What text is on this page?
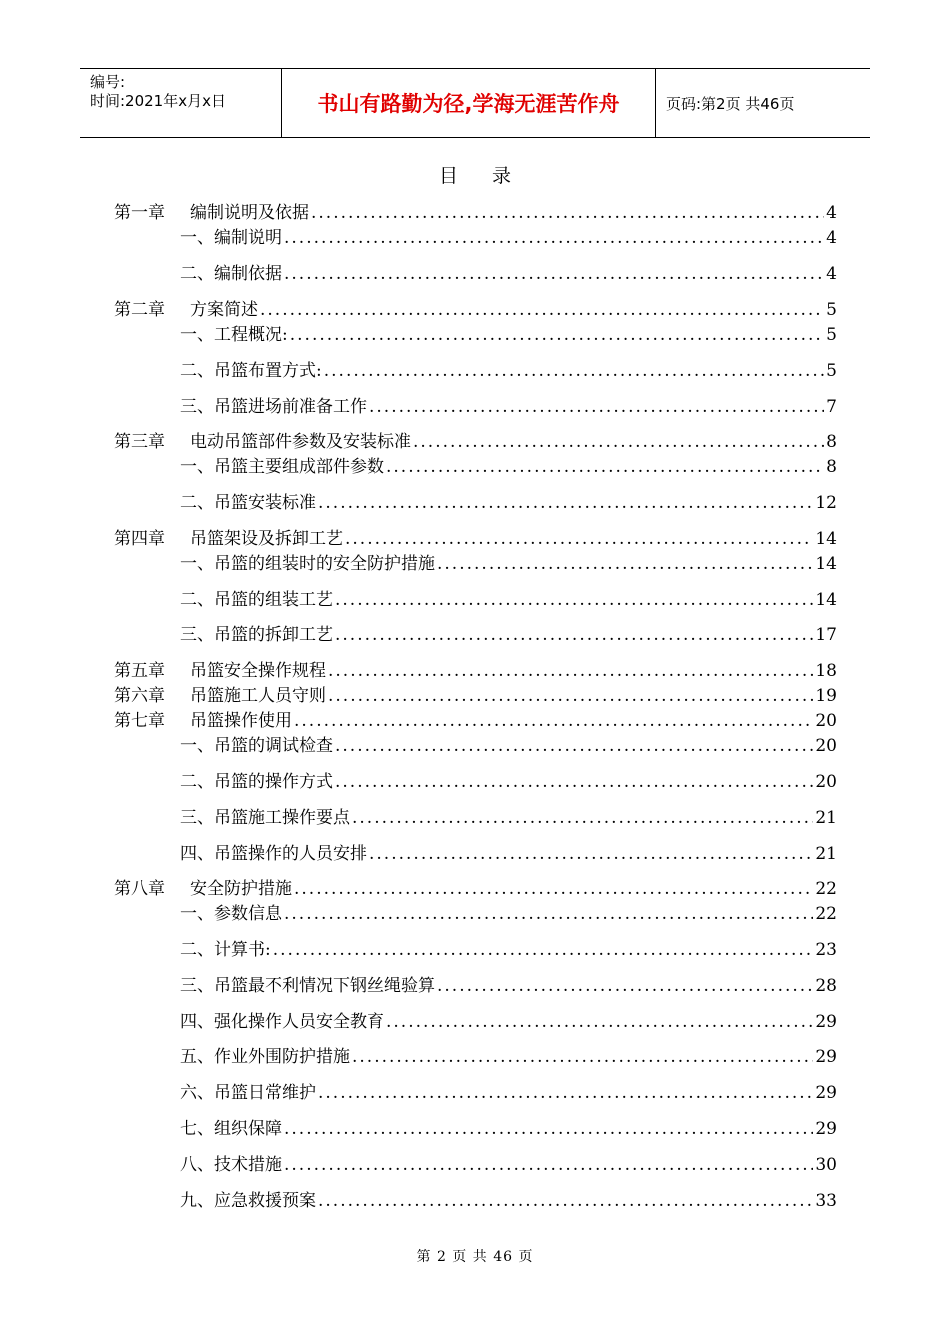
编号:
时间:2021年x月x日	书山有路勤为径,学海无涯苦作舟	页码:第2页 共46页
目录
第一章	编制说明及依据 .....	4
一、 编制说明 .....	4
二、 编制依据 .....	4
第二章	方案简述 .....	5
一、 工程概况: .....	5
二、 吊篮布置方式: .....	5
三、 吊篮进场前准备工作 .....	7
第三章	电动吊篮部件参数及安装标准 .....	8
一、 吊篮主要组成部件参数 .....	8
二、 吊篮安装标准 .....	12
第四章	吊篮架设及拆卸工艺 .....	14
一、 吊篮的组装时的安全防护措施 .....	14
二、 吊篮的组装工艺 .....	14
三、 吊篮的拆卸工艺 .....	17
第五章	吊篮安全操作规程 .....	18
第六章	吊篮施工人员守则 .....	19
第七章	吊篮操作使用 .....	20
一、 吊篮的调试检查 .....	20
二、 吊篮的操作方式 .....	20
三、 吊篮施工操作要点 .....	21
四、 吊篮操作的人员安排 .....	21
第八章	安全防护措施 .....	22
一、 参数信息 .....	22
二、 计算书: .....	23
三、 吊篮最不利情况下钢丝绳验算 .....	28
四、 强化操作人员安全教育 .....	29
五、 作业外围防护措施 .....	29
六、 吊篮日常维护 .....	29
七、 组织保障 .....	29
八、 技术措施 .....	30
九、 应急救援预案 .....	33
第 2 页 共 46 页
